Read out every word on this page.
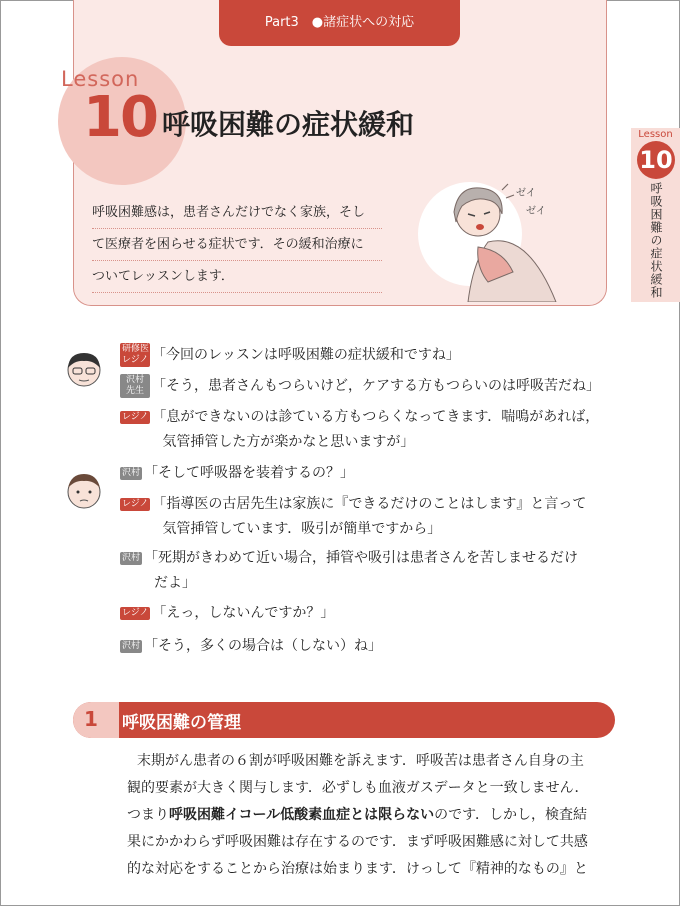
Part3　●諸症状への対応
Lesson
10 呼吸困難の症状緩和
呼吸困難感は，患者さんだけでなく家族，そし
て医療者を困らせる症状です．その緩和治療に
ついてレッスンします．
ゼイ
ゼイ
Lesson
10
呼吸困難の症状緩和
研修医
レジノ 「今回のレッスンは呼吸困難の症状緩和ですね」
沢村
先生 「そう，患者さんもつらいけど，ケアする方もつらいのは呼吸苦だね」
レジノ 「息ができないのは診ている方もつらくなってきます．喘鳴があれば，
気管挿管した方が楽かなと思いますが」
沢村 「そして呼吸器を装着するの？」
レジノ 「指導医の古居先生は家族に『できるだけのことはします』と言って
気管挿管しています．吸引が簡単ですから」
沢村 「死期がきわめて近い場合，挿管や吸引は患者さんを苦しませるだけ
だよ」
レジノ 「えっ，しないんですか？」
沢村 「そう，多くの場合は（しない）ね」
1 呼吸困難の管理
末期がん患者の６割が呼吸困難を訴えます．呼吸苦は患者さん自身の主
観的要素が大きく関与します．必ずしも血液ガスデータと一致しません．
つまり呼吸困難イコール低酸素血症とは限らないのです．しかし，検査結
果にかかわらず呼吸困難は存在するのです．まず呼吸困難感に対して共感
的な対応をすることから治療は始まります．けっして『精神的なもの』と
